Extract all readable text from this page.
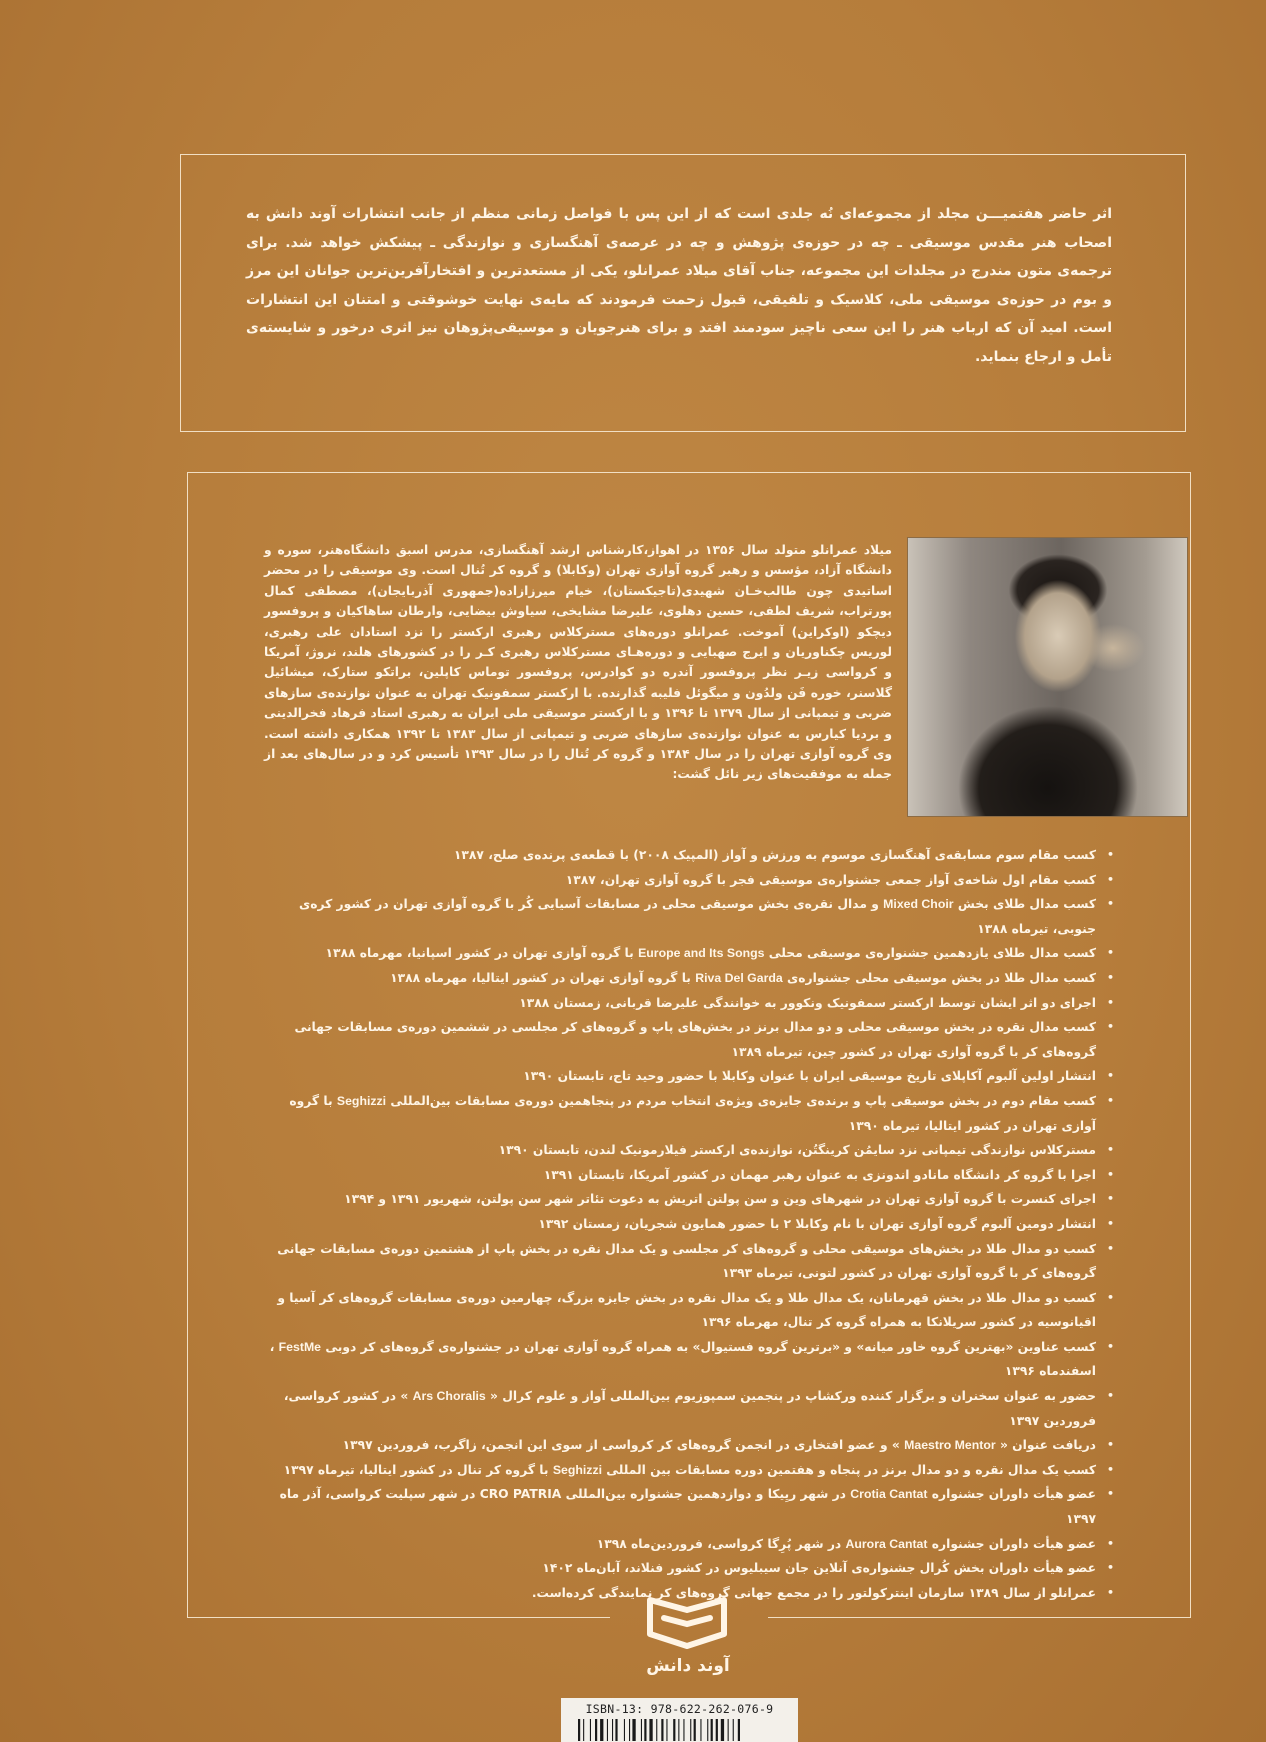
اثر حاضر هفتمیـــن مجلد از مجموعه‌ای نُه جلدی است که از این پس با فواصل زمانی منظم از جانب انتشارات آوند دانش به اصحاب هنر مقدس موسیقی ـ چه در حوزه‌ی پژوهش و چه در عرصه‌ی آهنگسازی و نوازندگی ـ پیشکش خواهد شد. برای ترجمه‌ی متون مندرج در مجلدات این مجموعه، جناب آقای میلاد عمرانلو، یکی از مستعدترین و افتخارآفرین‌ترین جوانان این مرز و بوم در حوزه‌ی موسیقی ملی، کلاسیک و تلفیقی، قبول زحمت فرمودند که مایه‌ی نهایت خوشوقتی و امتنان این انتشارات است. امید آن که ارباب هنر را این سعی ناچیز سودمند افتد و برای هنرجویان و موسیقی‌پژوهان نیز اثری درخور و شایسته‌ی تأمل و ارجاع بنماید.
میلاد عمرانلو متولد سال ۱۳۵۶ در اهواز،کارشناس ارشد آهنگسازی، مدرس اسبق دانشگاه‌هنر، سوره و دانشگاه آزاد، مؤسس و رهبر گروه آوازی تهران (وکابلا) و گروه کر تُنال است. وی موسیقی را در محضر اساتیدی چون طالب‌خـان شهیدی(تاجیکستان)، خیام میرزازاده(جمهوری آذربایجان)، مصطفی کمال پورتراب، شریف لطفی، حسین دهلوی، علیرضا مشایخی، سیاوش بیضایی، وارطان ساهاکیان و پروفسور دیچکو (اوکراین) آموخت. عمرانلو دوره‌های مسترکلاس رهبری ارکستر را نزد استادان علی رهبری، لوریس چکناوریان و ایرج صهبایی و دوره‌هـای مسترکلاس رهبری کـر را در کشورهای هلند، نروژ، آمریکا و کرواسی زیـر نظر پروفسور آندره دو کوادرس، پروفسور توماس کاپلین، براتکو ستارک، میشائیل گلاسنر، خوره فَن ولدُون و میگوئل فلیبه گذارنده. با ارکستر سمفونیک تهران به عنوان نوازنده‌ی سازهای ضربی و تیمپانی از سال ۱۳۷۹ تا ۱۳۹۶ و با ارکستر موسیقی ملی ایران به رهبری استاد فرهاد فخرالدینی و بردیا کیارس به عنوان نوازنده‌ی سازهای ضربی و تیمپانی از سال ۱۳۸۳ تا ۱۳۹۲ همکاری داشته است. وی گروه آوازی تهران را در سال ۱۳۸۴ و گروه کر تُنال را در سال ۱۳۹۳ تأسیس کرد و در سال‌های بعد از جمله به موفقیت‌های زیر نائل گشت:
•
کسب مقام سوم مسابقه‌ی آهنگسازی موسوم به ورزش و آواز (المپیک ۲۰۰۸) با قطعه‌ی پرنده‌ی صلح، ۱۳۸۷
•
کسب مقام اول شاخه‌ی آواز جمعی جشنواره‌ی موسیقی فجر با گروه آوازی تهران، ۱۳۸۷
•
کسب مدال طلای بخش Mixed Choir و مدال نقره‌ی بخش موسیقی محلی در مسابقات آسیایی کُر با گروه آوازی تهران در کشور کره‌ی جنوبی، تیرماه ۱۳۸۸
•
کسب مدال طلای یازدهمین جشنواره‌ی موسیقی محلی Europe and Its Songs با گروه آوازی تهران در کشور اسپانیا، مهرماه ۱۳۸۸
•
کسب مدال طلا در بخش موسیقی محلی جشنواره‌ی Riva Del Garda با گروه آوازی تهران در کشور ایتالیا، مهرماه ۱۳۸۸
•
اجرای دو اثر ایشان توسط ارکستر سمفونیک ونکوور به خوانندگی علیرضا قربانی، زمستان ۱۳۸۸
•
کسب مدال نقره در بخش موسیقی محلی و دو مدال برنز در بخش‌های پاپ و گروه‌های کر مجلسی در ششمین دوره‌ی مسابقات جهانی گروه‌های کر با گروه آوازی تهران در کشور چین، تیرماه ۱۳۸۹
•
انتشار اولین آلبوم آکاپلای تاریخ موسیقی ایران با عنوان وکابلا با حضور وحید تاج، تابستان ۱۳۹۰
•
کسب مقام دوم در بخش موسیقی پاپ و برنده‌ی جایزه‌ی ویژه‌ی انتخاب مردم در پنجاهمین دوره‌ی مسابقات بین‌المللی Seghizzi با گروه آوازی تهران در کشور ایتالیا، تیرماه ۱۳۹۰
•
مسترکلاس نوازندگی تیمپانی نزد سایمُن کرینگتُن، نوازنده‌ی ارکستر فیلارمونیک لندن، تابستان ۱۳۹۰
•
اجرا با گروه کر دانشگاه مانادو اندونزی به عنوان رهبر مهمان در کشور آمریکا، تابستان ۱۳۹۱
•
اجرای کنسرت با گروه آوازی تهران در شهرهای وین و سن پولتن اتریش به دعوت تئاتر شهر سن پولتن، شهریور ۱۳۹۱ و ۱۳۹۴
•
انتشار دومین آلبوم گروه آوازی تهران با نام وکابلا ۲ با حضور همایون شجریان، زمستان ۱۳۹۲
•
کسب دو مدال طلا در بخش‌های موسیقی محلی و گروه‌های کر مجلسی و یک مدال نقره در بخش پاپ از هشتمین دوره‌ی مسابقات جهانی گروه‌های کر با گروه آوازی تهران در کشور لتونی، تیرماه ۱۳۹۳
•
کسب دو مدال طلا در بخش قهرمانان، یک مدال طلا و یک مدال نقره در بخش جایزه بزرگ، چهارمین دوره‌ی مسابقات گروه‌های کر آسیا و اقیانوسیه در کشور سریلانکا به همراه گروه کر تنال، مهرماه ۱۳۹۶
•
کسب عناوین «بهترین گروه خاور میانه» و «برترین گروه فستیوال» به همراه گروه آوازی تهران در جشنواره‌ی گروه‌های کر دوبی FestMe ، اسفندماه ۱۳۹۶
•
حضور به عنوان سخنران و برگزار کننده ورکشاپ در پنجمین سمپوزیوم بین‌المللی آواز و علوم کرال « Ars Choralis » در کشور کرواسی، فروردین ۱۳۹۷
•
دریافت عنوان « Maestro Mentor » و عضو افتخاری در انجمن گروه‌های کر کرواسی از سوی این انجمن، زاگرب، فروردین ۱۳۹۷
•
کسب یک مدال نقره و دو مدال برنز در پنجاه و هفتمین دوره مسابقات بین المللی Seghizzi با گروه کر تنال در کشور ایتالیا، تیرماه ۱۳۹۷
•
عضو هیأت داوران جشنواره Crotia Cantat در شهر ریِیکا و دوازدهمین جشنواره بین‌المللی CRO PATRIA در شهر سپلیت کرواسی، آذر ماه ۱۳۹۷
•
عضو هیأت داوران جشنواره Aurora Cantat در شهر پُرِگا کرواسی، فروردین‌ماه ۱۳۹۸
•
عضو هیأت داوران بخش کُرال جشنواره‌ی آنلاین جان سیبلیوس در کشور فنلاند، آبان‌ماه ۱۴۰۲
•
عمرانلو از سال ۱۳۸۹ سازمان اینترکولتور را در مجمع جهانی گروه‌های کر نمایندگی کرده‌است.
آوند دانش
ISBN-13: 978-622-262-076-9
